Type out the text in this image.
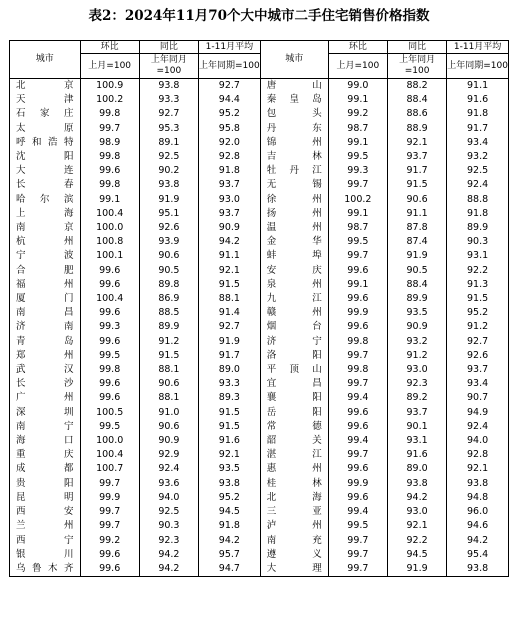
表2：2024年11月70个大中城市二手住宅销售价格指数
城市	环比	同比	1-11月平均	城市	环比	同比	1-11月平均
	上月=100	上年同月=100	上年同期=100		上月=100	上年同月=100	上年同期=100
北　京	100.9	93.8	92.7	唐　山	99.0	88.2	91.1
天　津	100.2	93.3	94.4	秦皇岛	99.1	88.4	91.6
石家庄	99.8	92.7	95.2	包　头	99.2	88.6	91.8
太　原	99.7	95.3	95.8	丹　东	98.7	88.9	91.7
呼和浩特	98.9	89.1	92.0	锦　州	99.1	92.1	93.4
沈　阳	99.8	92.5	92.8	吉　林	99.5	93.7	93.2
大　连	99.6	90.2	91.8	牡丹江	99.3	91.7	92.5
长　春	99.8	93.8	93.7	无　锡	99.7	91.5	92.4
哈尔滨	99.1	91.9	93.0	徐　州	100.2	90.6	88.8
上　海	100.4	95.1	93.7	扬　州	99.1	91.1	91.8
南　京	100.0	92.6	90.9	温　州	98.7	87.8	89.9
杭　州	100.8	93.9	94.2	金　华	99.5	87.4	90.3
宁　波	100.1	90.6	91.1	蚌　埠	99.7	91.9	93.1
合　肥	99.6	90.5	92.1	安　庆	99.6	90.5	92.2
福　州	99.6	89.8	91.5	泉　州	99.1	88.4	91.3
厦　门	100.4	86.9	88.1	九　江	99.6	89.9	91.5
南　昌	99.6	88.5	91.4	赣　州	99.9	93.5	95.2
济　南	99.3	89.9	92.7	烟　台	99.6	90.9	91.2
青　岛	99.6	91.2	91.9	济　宁	99.8	93.2	92.7
郑　州	99.5	91.5	91.7	洛　阳	99.7	91.2	92.6
武　汉	99.8	88.1	89.0	平顶山	99.8	93.0	93.7
长　沙	99.6	90.6	93.3	宜　昌	99.7	92.3	93.4
广　州	99.6	88.1	89.3	襄　阳	99.4	89.2	90.7
深　圳	100.5	91.0	91.5	岳　阳	99.6	93.7	94.9
南　宁	99.5	90.6	91.5	常　德	99.6	90.1	92.4
海　口	100.0	90.9	91.6	韶　关	99.4	93.1	94.0
重　庆	100.4	92.9	92.1	湛　江	99.7	91.6	92.8
成　都	100.7	92.4	93.5	惠　州	99.6	89.0	92.1
贵　阳	99.7	93.6	93.8	桂　林	99.9	93.8	93.8
昆　明	99.9	94.0	95.2	北　海	99.6	94.2	94.8
西　安	99.7	92.5	94.5	三　亚	99.4	93.0	96.0
兰　州	99.7	90.3	91.8	泸　州	99.5	92.1	94.6
西　宁	99.2	92.3	94.2	南　充	99.7	92.2	94.2
银　川	99.6	94.2	95.7	遵　义	99.7	94.5	95.4
乌鲁木齐	99.6	94.2	94.7	大　理	99.7	91.9	93.8
